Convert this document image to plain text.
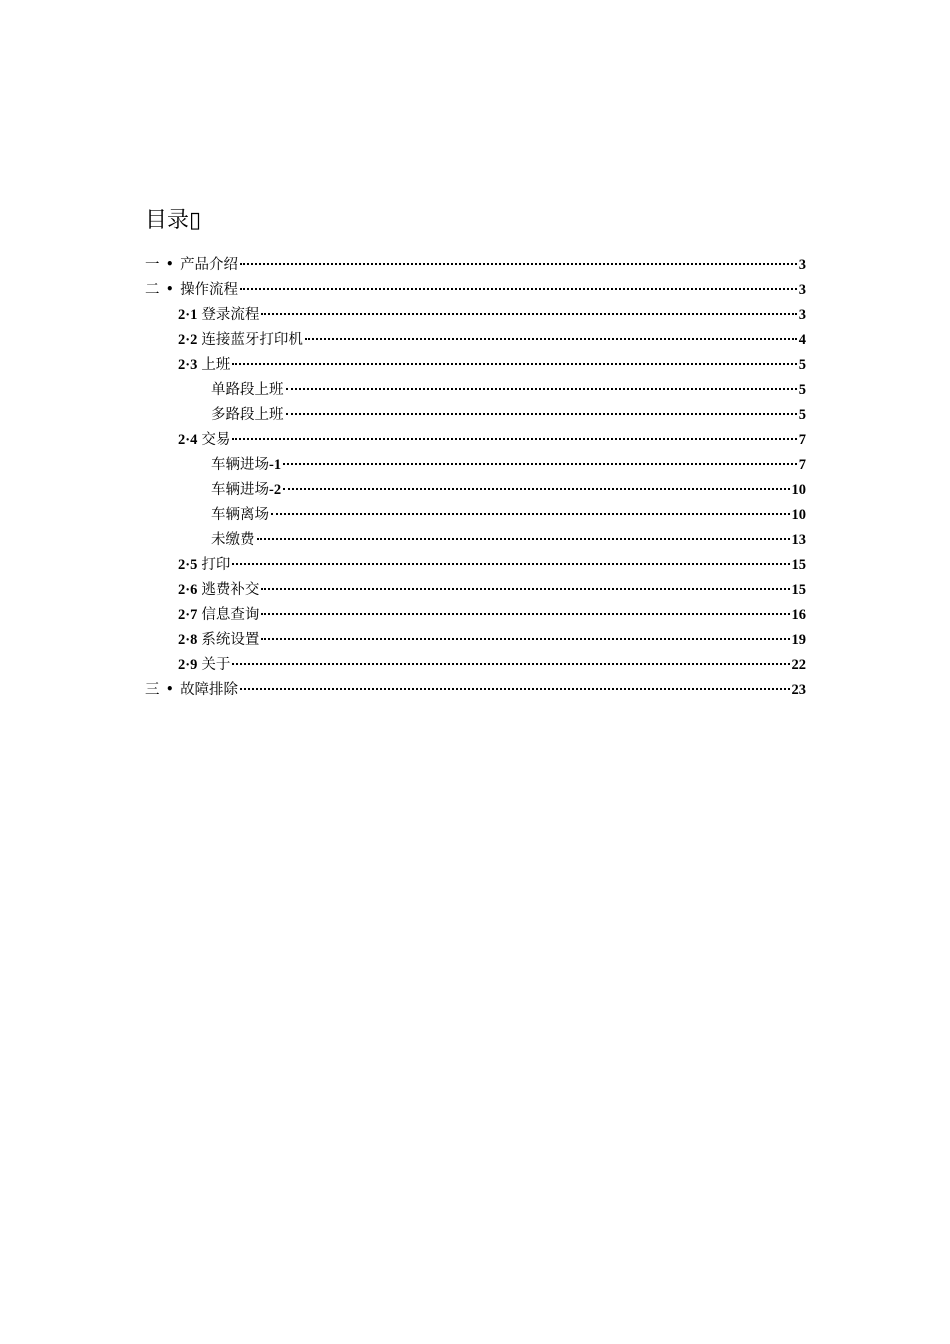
目录▯
一 • 产品介绍	3
二 • 操作流程	3
2·1 登录流程	3
2·2 连接蓝牙打印机	4
2·3 上班	5
单路段上班	5
多路段上班	5
2·4 交易	7
车辆进场-1	7
车辆进场-2	10
车辆离场	10
未缴费	13
2·5 打印	15
2·6 逃费补交	15
2·7 信息查询	16
2·8 系统设置	19
2·9 关于	22
三 • 故障排除	23
